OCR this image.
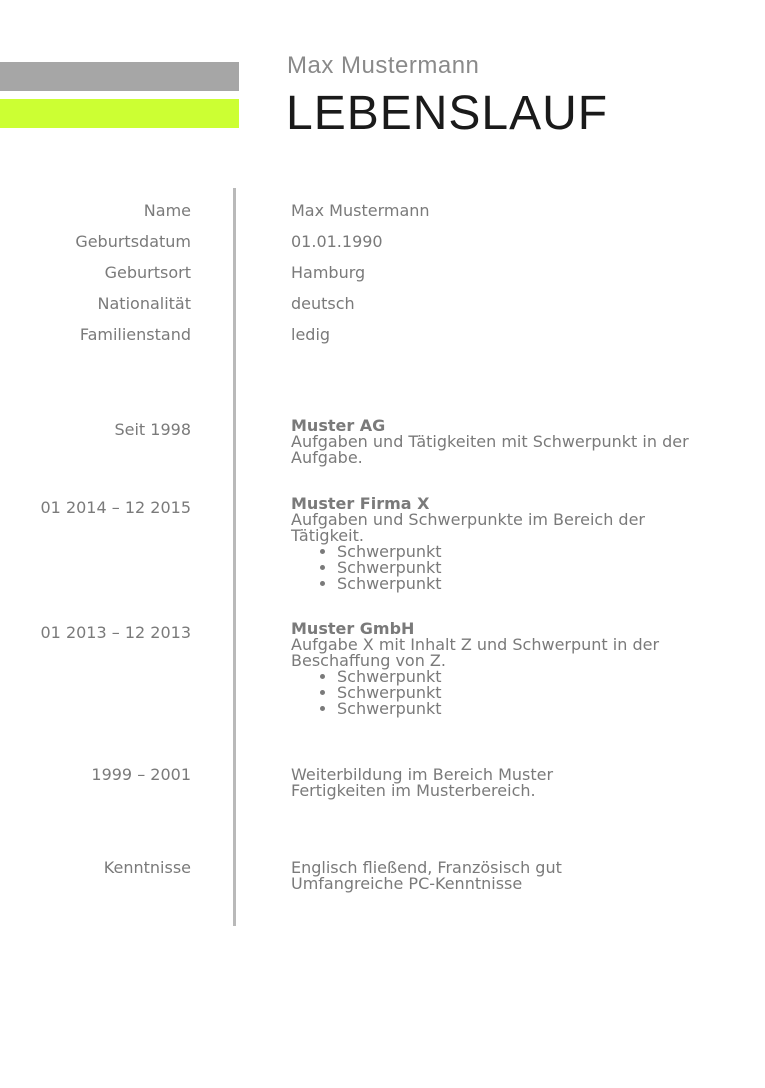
Max Mustermann
LEBENSLAUF
Name	Max Mustermann
Geburtsdatum	01.01.1990
Geburtsort	Hamburg
Nationalität	deutsch
Familienstand	ledig
Seit 1998	Muster AG
Aufgaben und Tätigkeiten mit Schwerpunkt in der Aufgabe.
01 2014 – 12 2015	Muster Firma X
Aufgaben und Schwerpunkte im Bereich der Tätigkeit.
• Schwerpunkt
• Schwerpunkt
• Schwerpunkt
01 2013 – 12 2013	Muster GmbH
Aufgabe X mit Inhalt Z und Schwerpunt in der Beschaffung von Z.
• Schwerpunkt
• Schwerpunkt
• Schwerpunkt
1999 – 2001	Weiterbildung im Bereich Muster
Fertigkeiten im Musterbereich.
Kenntnisse	Englisch fließend, Französisch gut
Umfangreiche PC-Kenntnisse
